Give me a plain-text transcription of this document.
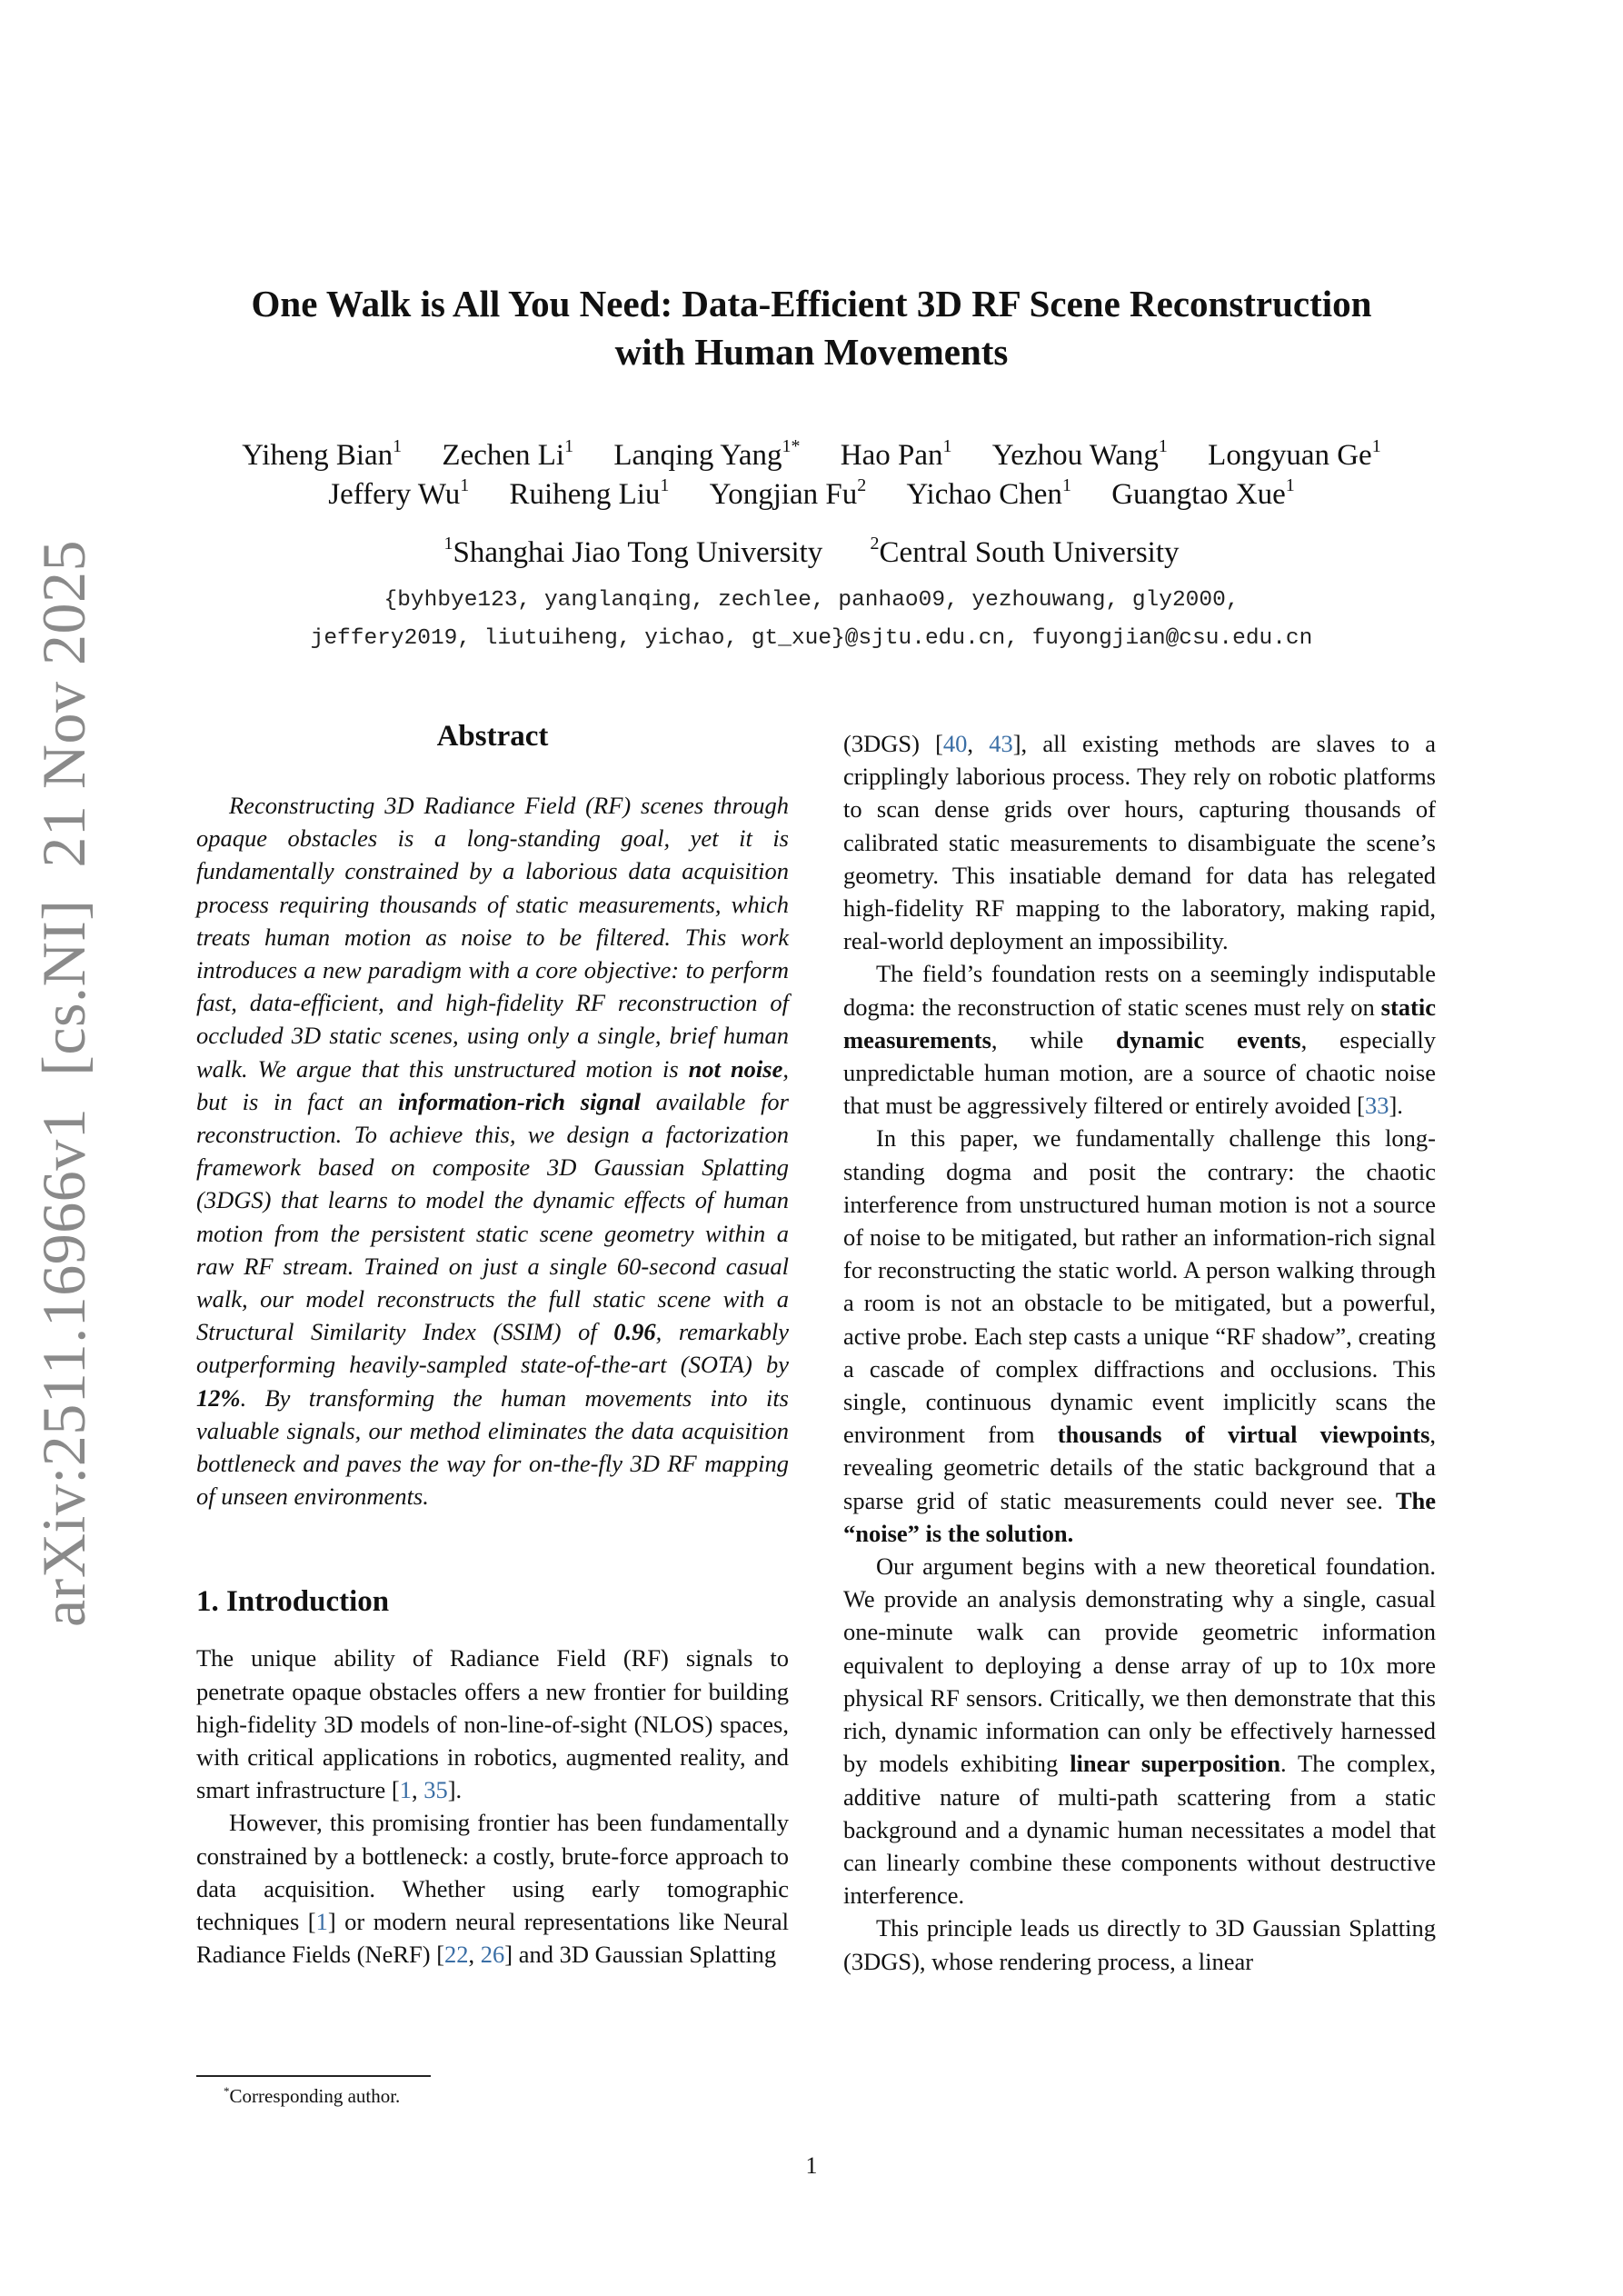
arXiv:2511.16966v1  [cs.NI]  21 Nov 2025
One Walk is All You Need: Data-Efficient 3D RF Scene Reconstruction
with Human Movements
Yiheng Bian$^1$ Zechen Li$^1$ Lanqing Yang$^{1*}$ Hao Pan$^1$ Yezhou Wang$^1$ Longyuan Ge$^1$
Jeffery Wu$^1$ Ruiheng Liu$^1$ Yongjian Fu$^2$ Yichao Chen$^1$ Guangtao Xue$^1$
$^1$Shanghai Jiao Tong University	$^2$Central South University
{byhbye123, yanglanqing, zechlee, panhao09, yezhouwang, gly2000,
jeffery2019, liutuiheng, yichao, gt_xue}@sjtu.edu.cn, fuyongjian@csu.edu.cn
Abstract

Reconstructing 3D Radiance Field (RF) scenes through opaque obstacles is a long-standing goal, yet it is fundamentally constrained by a laborious data acquisition process requiring thousands of static measurements, which treats human motion as noise to be filtered. This work introduces a new paradigm with a core objective: to perform fast, data-efficient, and high-fidelity RF reconstruction of occluded 3D static scenes, using only a single, brief human walk. We argue that this unstructured motion is not noise, but is in fact an information-rich signal available for reconstruction. To achieve this, we design a factorization framework based on composite 3D Gaussian Splatting (3DGS) that learns to model the dynamic effects of human motion from the persistent static scene geometry within a raw RF stream. Trained on just a single 60-second casual walk, our model reconstructs the full static scene with a Structural Similarity Index (SSIM) of 0.96, remarkably outperforming heavily-sampled state-of-the-art (SOTA) by 12%. By transforming the human movements into its valuable signals, our method eliminates the data acquisition bottleneck and paves the way for on-the-fly 3D RF mapping of unseen environments.

1. Introduction

The unique ability of Radiance Field (RF) signals to penetrate opaque obstacles offers a new frontier for building high-fidelity 3D models of non-line-of-sight (NLOS) spaces, with critical applications in robotics, augmented reality, and smart infrastructure [1, 35].

However, this promising frontier has been fundamentally constrained by a bottleneck: a costly, brute-force approach to data acquisition. Whether using early tomographic techniques [1] or modern neural representations like Neural Radiance Fields (NeRF) [22, 26] and 3D Gaussian Splatting

*Corresponding author.

(3DGS) [40, 43], all existing methods are slaves to a cripplingly laborious process. They rely on robotic platforms to scan dense grids over hours, capturing thousands of calibrated static measurements to disambiguate the scene’s geometry. This insatiable demand for data has relegated high-fidelity RF mapping to the laboratory, making rapid, real-world deployment an impossibility.

The field’s foundation rests on a seemingly indisputable dogma: the reconstruction of static scenes must rely on static measurements, while dynamic events, especially unpredictable human motion, are a source of chaotic noise that must be aggressively filtered or entirely avoided [33].

In this paper, we fundamentally challenge this long-standing dogma and posit the contrary: the chaotic interference from unstructured human motion is not a source of noise to be mitigated, but rather an information-rich signal for reconstructing the static world. A person walking through a room is not an obstacle to be mitigated, but a powerful, active probe. Each step casts a unique “RF shadow”, creating a cascade of complex diffractions and occlusions. This single, continuous dynamic event implicitly scans the environment from thousands of virtual viewpoints, revealing geometric details of the static background that a sparse grid of static measurements could never see. The “noise” is the solution.

Our argument begins with a new theoretical foundation. We provide an analysis demonstrating why a single, casual one-minute walk can provide geometric information equivalent to deploying a dense array of up to 10x more physical RF sensors. Critically, we then demonstrate that this rich, dynamic information can only be effectively harnessed by models exhibiting linear superposition. The complex, additive nature of multi-path scattering from a static background and a dynamic human necessitates a model that can linearly combine these components without destructive interference.

This principle leads us directly to 3D Gaussian Splatting (3DGS), whose rendering process, a linear

1
